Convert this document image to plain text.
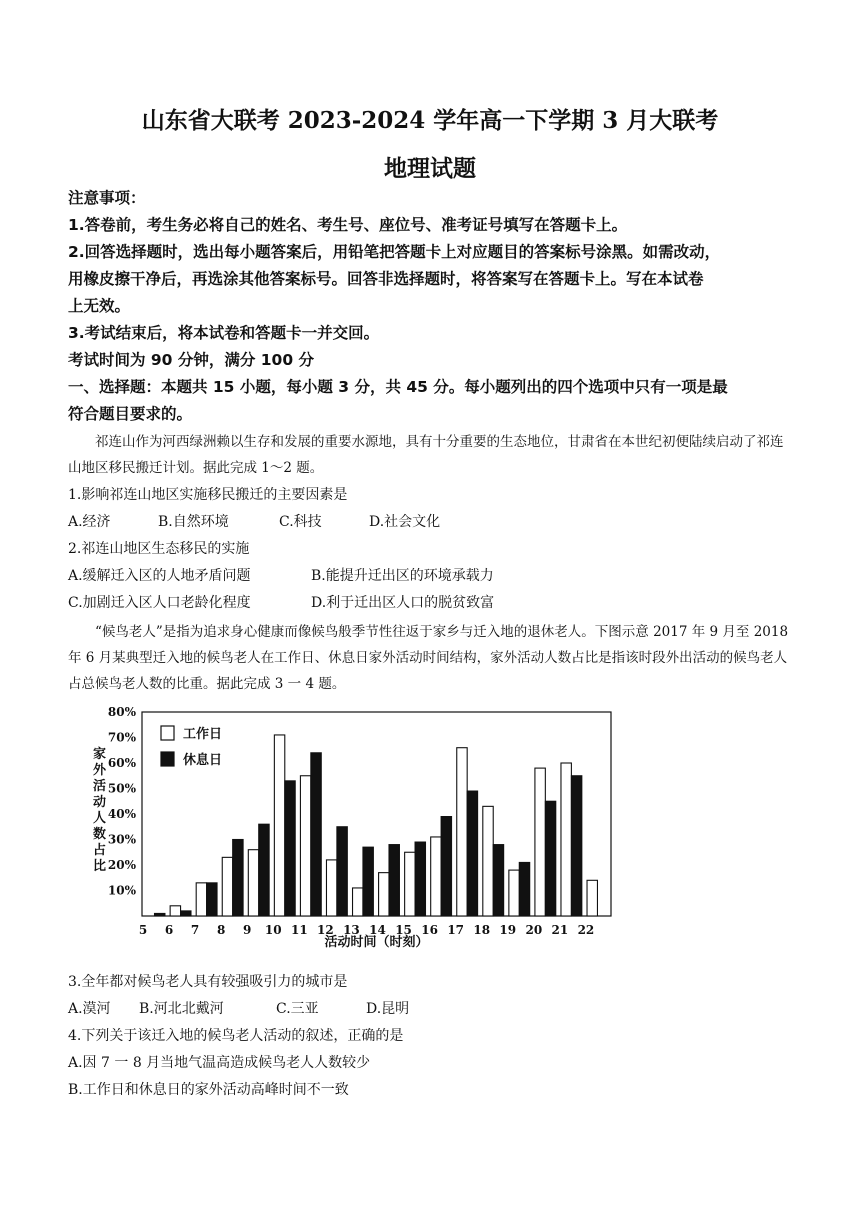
山东省大联考 2023-2024 学年高一下学期 3 月大联考
地理试题
注意事项：
1.答卷前，考生务必将自己的姓名、考生号、座位号、准考证号填写在答题卡上。
2.回答选择题时，选出每小题答案后，用铅笔把答题卡上对应题目的答案标号涂黑。如需改动，
用橡皮擦干净后，再选涂其他答案标号。回答非选择题时，将答案写在答题卡上。写在本试卷
上无效。
3.考试结束后，将本试卷和答题卡一并交回。
考试时间为 90 分钟，满分 100 分
一、选择题：本题共 15 小题，每小题 3 分，共 45 分。每小题列出的四个选项中只有一项是最
符合题目要求的。
祁连山作为河西绿洲赖以生存和发展的重要水源地，具有十分重要的生态地位，甘肃省在本世纪初便陆续启动了祁连山地区移民搬迁计划。据此完成 1～2 题。
1.影响祁连山地区实施移民搬迁的主要因素是
A.经济	B.自然环境	C.科技	D.社会文化
2.祁连山地区生态移民的实施
A.缓解迁入区的人地矛盾问题	B.能提升迁出区的环境承载力
C.加剧迁入区人口老龄化程度	D.利于迁出区人口的脱贫致富
“候鸟老人”是指为追求身心健康而像候鸟般季节性往返于家乡与迁入地的退休老人。下图示意 2017 年 9 月至 2018 年 6 月某典型迁入地的候鸟老人在工作日、休息日家外活动时间结构，家外活动人数占比是指该时段外出活动的候鸟老人占总候鸟老人数的比重。据此完成 3 一 4 题。
10%
20%
30%
40%
50%
60%
70%
80%
家
外
活
动
人
数
占
比
5 6 7 8 9 10 11 12 13 14 15 16 17 18 19 20 21 22
活动时间（时刻）
工作日
休息日
3.全年都对候鸟老人具有较强吸引力的城市是
A.漠河 B.河北北戴河	C.三亚	D.昆明
4.下列关于该迁入地的候鸟老人活动的叙述，正确的是
A.因 7 一 8 月当地气温高造成候鸟老人人数较少
B.工作日和休息日的家外活动高峰时间不一致
